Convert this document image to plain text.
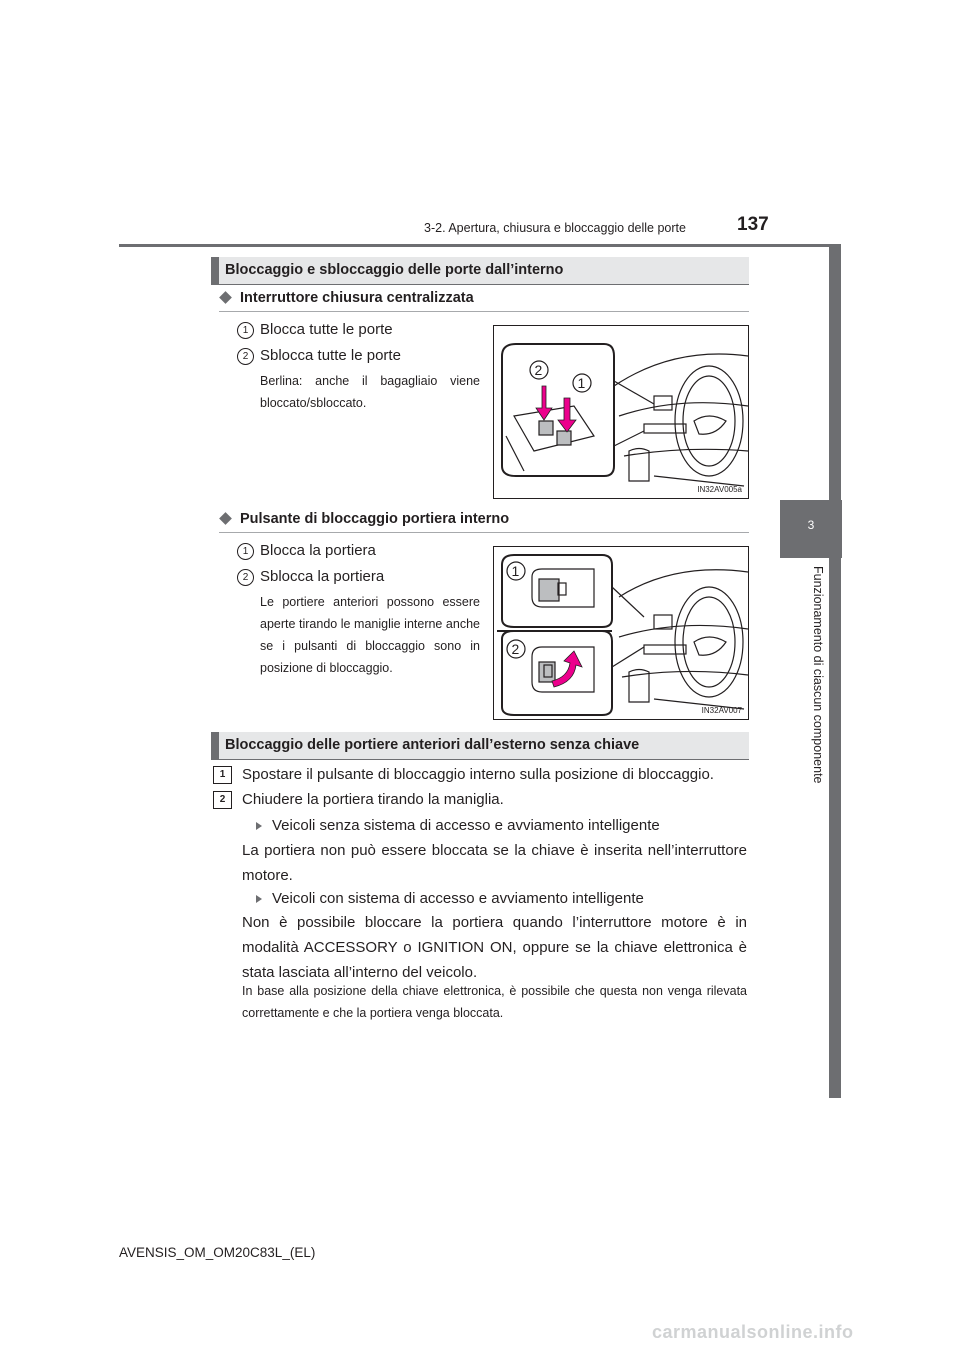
3-2. Apertura, chiusura e bloccaggio delle porte	137
3
Funzionamento di ciascun componente
Bloccaggio e sbloccaggio delle porte dall’interno
Interruttore chiusura centralizzata
1 Blocca tutte le porte
2 Sblocca tutte le porte
Berlina: anche il bagagliaio viene bloccato/sbloccato.
2
1
IN32AV005a
Pulsante di bloccaggio portiera interno
1 Blocca la portiera
2 Sblocca la portiera
Le portiere anteriori possono essere aperte tirando le maniglie interne anche se i pulsanti di bloccaggio sono in posizione di bloccaggio.
1
2
IN32AV007
Bloccaggio delle portiere anteriori dall’esterno senza chiave
1	Spostare il pulsante di bloccaggio interno sulla posizione di bloccaggio.
2	Chiudere la portiera tirando la maniglia.
Veicoli senza sistema di accesso e avviamento intelligente
La portiera non può essere bloccata se la chiave è inserita nell’interruttore motore.
Veicoli con sistema di accesso e avviamento intelligente
Non è possibile bloccare la portiera quando l’interruttore motore è in modalità ACCESSORY o IGNITION ON, oppure se la chiave elettronica è stata lasciata all’interno del veicolo.
In base alla posizione della chiave elettronica, è possibile che questa non venga rilevata correttamente e che la portiera venga bloccata.
AVENSIS_OM_OM20C83L_(EL)
carmanualsonline.info
